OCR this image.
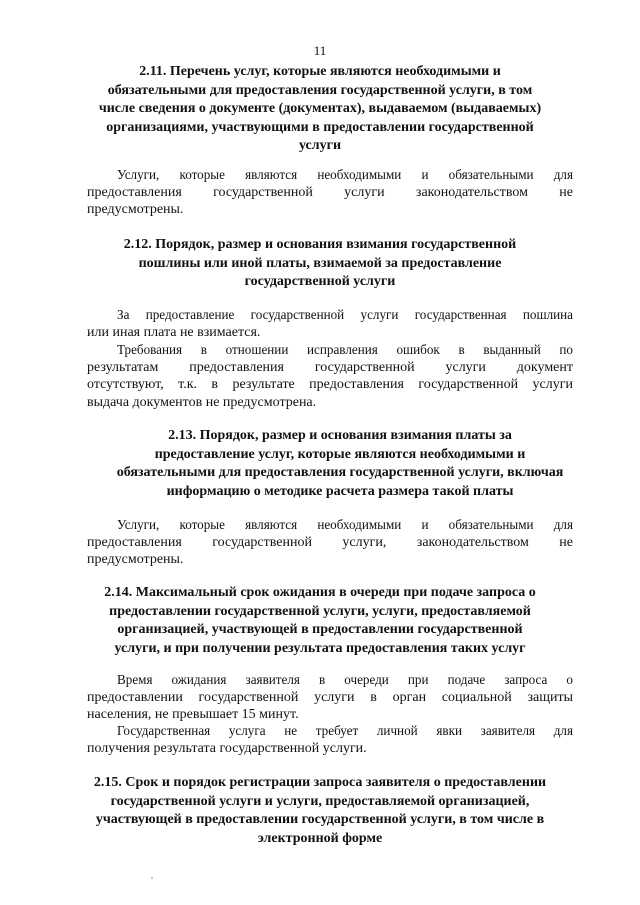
11
2.11. Перечень услуг, которые являются необходимыми и
обязательными для предоставления государственной услуги, в том
числе сведения о документе (документах), выдаваемом (выдаваемых)
организациями, участвующими в предоставлении государственной
услуги
Услуги, которые являются необходимыми и обязательными для
предоставления государственной услуги законодательством не
предусмотрены.
2.12. Порядок, размер и основания взимания государственной
пошлины или иной платы, взимаемой за предоставление
государственной услуги
За предоставление государственной услуги государственная пошлина
или иная плата не взимается.
Требования в отношении исправления ошибок в выданный по
результатам предоставления государственной услуги документ
отсутствуют, т.к. в результате предоставления государственной услуги
выдача документов не предусмотрена.
2.13. Порядок, размер и основания взимания платы за
предоставление услуг, которые являются необходимыми и
обязательными для предоставления государственной услуги, включая
информацию о методике расчета размера такой платы
Услуги, которые являются необходимыми и обязательными для
предоставления государственной услуги, законодательством не
предусмотрены.
2.14. Максимальный срок ожидания в очереди при подаче запроса о
предоставлении государственной услуги, услуги, предоставляемой
организацией, участвующей в предоставлении государственной
услуги, и при получении результата предоставления таких услуг
Время ожидания заявителя в очереди при подаче запроса о
предоставлении государственной услуги в орган социальной защиты
населения, не превышает 15 минут.
Государственная услуга не требует личной явки заявителя для
получения результата государственной услуги.
2.15. Срок и порядок регистрации запроса заявителя о предоставлении
государственной услуги и услуги, предоставляемой организацией,
участвующей в предоставлении государственной услуги, в том числе в
электронной форме
